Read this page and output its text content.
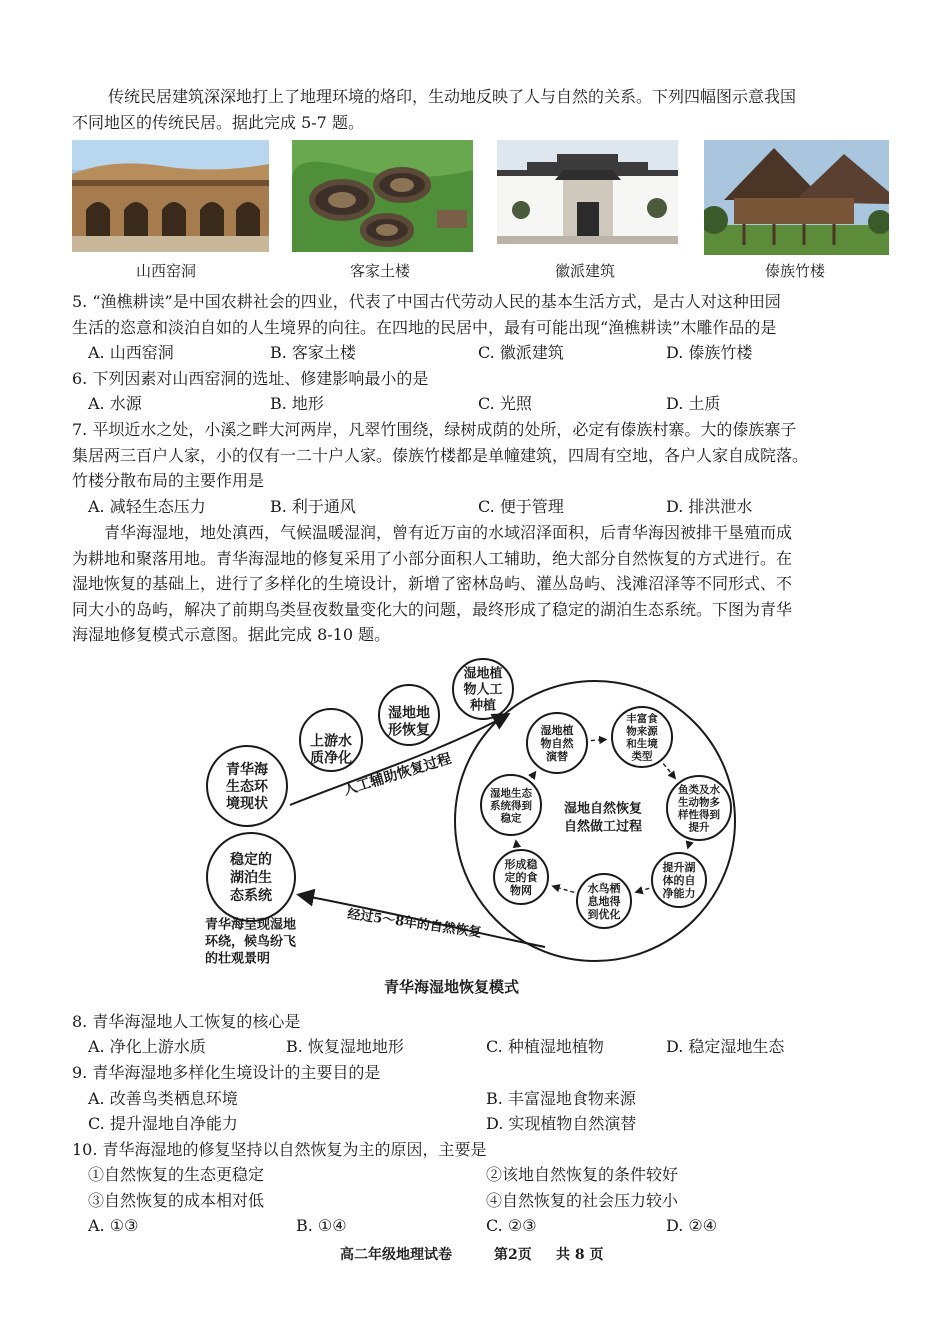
传统民居建筑深深地打上了地理环境的烙印，生动地反映了人与自然的关系。下列四幅图示意我国
不同地区的传统民居。据此完成 5-7 题。
山西窑洞	客家土楼	徽派建筑	傣族竹楼
5. “渔樵耕读”是中国农耕社会的四业，代表了中国古代劳动人民的基本生活方式，是古人对这种田园
生活的恣意和淡泊自如的人生境界的向往。在四地的民居中，最有可能出现“渔樵耕读”木雕作品的是
A. 山西窑洞	B. 客家土楼	C. 徽派建筑	D. 傣族竹楼
6. 下列因素对山西窑洞的选址、修建影响最小的是
A. 水源	B. 地形	C. 光照	D. 土质
7. 平坝近水之处，小溪之畔大河两岸，凡翠竹围绕，绿树成荫的处所，必定有傣族村寨。大的傣族寨子
集居两三百户人家，小的仅有一二十户人家。傣族竹楼都是单幢建筑，四周有空地，各户人家自成院落。
竹楼分散布局的主要作用是
A. 减轻生态压力	B. 利于通风	C. 便于管理	D. 排洪泄水
青华海湿地，地处滇西，气候温暖湿润，曾有近万亩的水域沼泽面积，后青华海因被排干垦殖而成
为耕地和聚落用地。青华海湿地的修复采用了小部分面积人工辅助，绝大部分自然恢复的方式进行。在
湿地恢复的基础上，进行了多样化的生境设计，新增了密林岛屿、灌丛岛屿、浅滩沼泽等不同形式、不
同大小的岛屿，解决了前期鸟类昼夜数量变化大的问题，最终形成了稳定的湖泊生态系统。下图为青华
海湿地修复模式示意图。据此完成 8-10 题。
青华海
生态环
境现状
上游水
质净化
湿地地
形恢复
湿地植
物人工
种植
稳定的
湖泊生
态系统
人工辅助恢复过程
湿地自然恢复
自然做工过程
经过5～8年的自然恢复
青华海呈现湿地
环绕，候鸟纷飞
的壮观景明
湿地植
物自然
演替
丰富食
物来源
和生境
类型
鱼类及水
生动物多
样性得到
提升
提升湖
体的自
净能力
水鸟栖
息地得
到优化
形成稳
定的食
物网
湿地生态
系统得到
稳定
青华海湿地恢复模式
8. 青华海湿地人工恢复的核心是
A. 净化上游水质	B. 恢复湿地地形	C. 种植湿地植物	D. 稳定湿地生态
9. 青华海湿地多样化生境设计的主要目的是
A. 改善鸟类栖息环境	B. 丰富湿地食物来源
C. 提升湿地自净能力	D. 实现植物自然演替
10. 青华海湿地的修复坚持以自然恢复为主的原因，主要是
①自然恢复的生态更稳定	②该地自然恢复的条件较好
③自然恢复的成本相对低	④自然恢复的社会压力较小
A. ①③	B. ①④	C. ②③	D. ②④
高二年级地理试卷	第2页 共 8 页
